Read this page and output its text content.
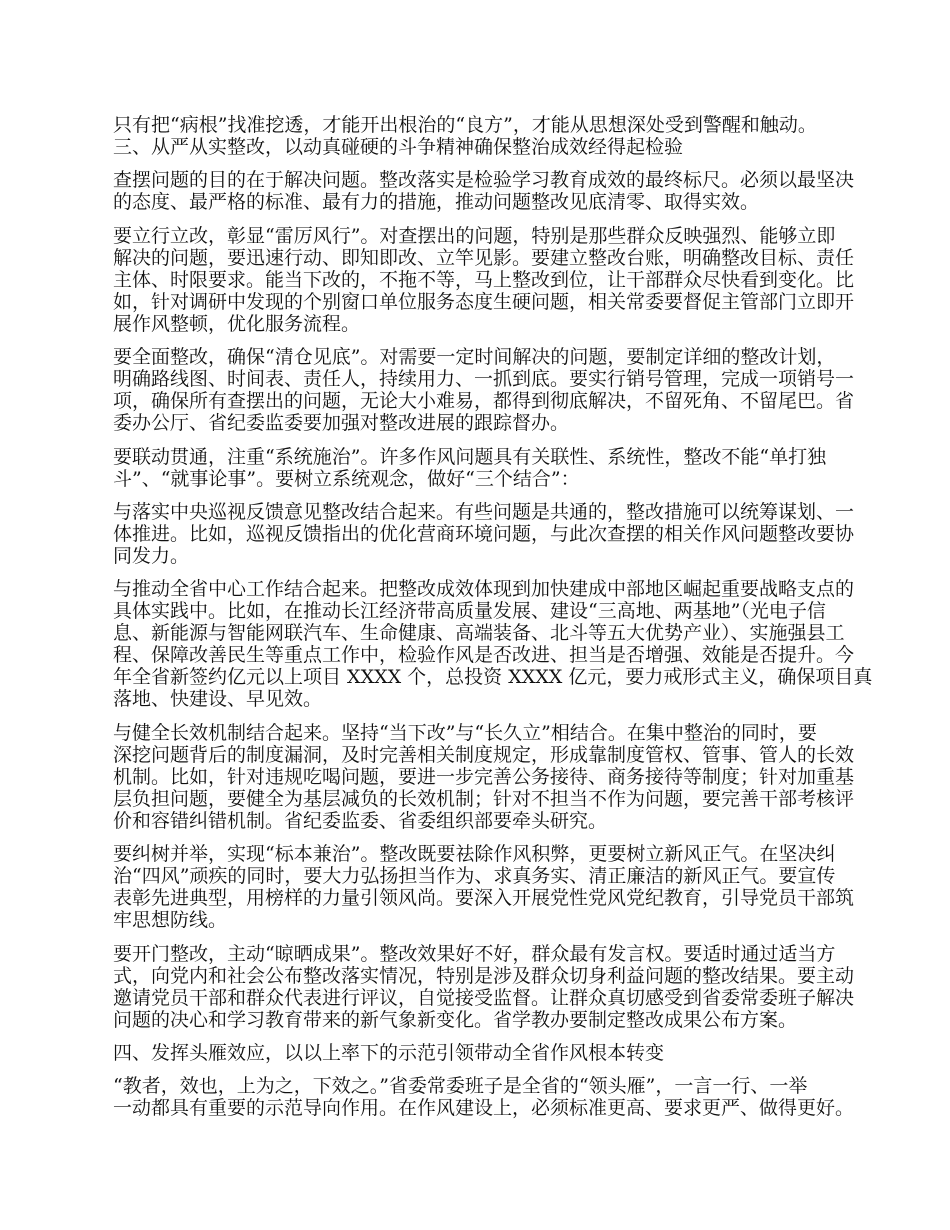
只有把“病根”找准挖透，才能开出根治的“良方”，才能从思想深处受到警醒和触动。
三、从严从实整改，以动真碰硬的斗争精神确保整治成效经得起检验
查摆问题的目的在于解决问题。整改落实是检验学习教育成效的最终标尺。必须以最坚决
的态度、最严格的标准、最有力的措施，推动问题整改见底清零、取得实效。
要立行立改，彰显“雷厉风行”。对查摆出的问题，特别是那些群众反映强烈、能够立即
解决的问题，要迅速行动、即知即改、立竿见影。要建立整改台账，明确整改目标、责任
主体、时限要求。能当下改的，不拖不等，马上整改到位，让干部群众尽快看到变化。比
如，针对调研中发现的个别窗口单位服务态度生硬问题，相关常委要督促主管部门立即开
展作风整顿，优化服务流程。
要全面整改，确保“清仓见底”。对需要一定时间解决的问题，要制定详细的整改计划，
明确路线图、时间表、责任人，持续用力、一抓到底。要实行销号管理，完成一项销号一
项，确保所有查摆出的问题，无论大小难易，都得到彻底解决，不留死角、不留尾巴。省
委办公厅、省纪委监委要加强对整改进展的跟踪督办。
要联动贯通，注重“系统施治”。许多作风问题具有关联性、系统性，整改不能“单打独
斗”、“就事论事”。要树立系统观念，做好“三个结合”：
与落实中央巡视反馈意见整改结合起来。有些问题是共通的，整改措施可以统筹谋划、一
体推进。比如，巡视反馈指出的优化营商环境问题，与此次查摆的相关作风问题整改要协
同发力。
与推动全省中心工作结合起来。把整改成效体现到加快建成中部地区崛起重要战略支点的
具体实践中。比如，在推动长江经济带高质量发展、建设“三高地、两基地”（光电子信
息、新能源与智能网联汽车、生命健康、高端装备、北斗等五大优势产业）、实施强县工
程、保障改善民生等重点工作中，检验作风是否改进、担当是否增强、效能是否提升。今
年全省新签约亿元以上项目 XXXX 个，总投资 XXXX 亿元，要力戒形式主义，确保项目真
落地、快建设、早见效。
与健全长效机制结合起来。坚持“当下改”与“长久立”相结合。在集中整治的同时，要
深挖问题背后的制度漏洞，及时完善相关制度规定，形成靠制度管权、管事、管人的长效
机制。比如，针对违规吃喝问题，要进一步完善公务接待、商务接待等制度；针对加重基
层负担问题，要健全为基层减负的长效机制；针对不担当不作为问题，要完善干部考核评
价和容错纠错机制。省纪委监委、省委组织部要牵头研究。
要纠树并举，实现“标本兼治”。整改既要祛除作风积弊，更要树立新风正气。在坚决纠
治“四风”顽疾的同时，要大力弘扬担当作为、求真务实、清正廉洁的新风正气。要宣传
表彰先进典型，用榜样的力量引领风尚。要深入开展党性党风党纪教育，引导党员干部筑
牢思想防线。
要开门整改，主动“晾晒成果”。整改效果好不好，群众最有发言权。要适时通过适当方
式，向党内和社会公布整改落实情况，特别是涉及群众切身利益问题的整改结果。要主动
邀请党员干部和群众代表进行评议，自觉接受监督。让群众真切感受到省委常委班子解决
问题的决心和学习教育带来的新气象新变化。省学教办要制定整改成果公布方案。
四、发挥头雁效应，以以上率下的示范引领带动全省作风根本转变
“教者，效也，上为之，下效之。”省委常委班子是全省的“领头雁”，一言一行、一举
一动都具有重要的示范导向作用。在作风建设上，必须标准更高、要求更严、做得更好。
